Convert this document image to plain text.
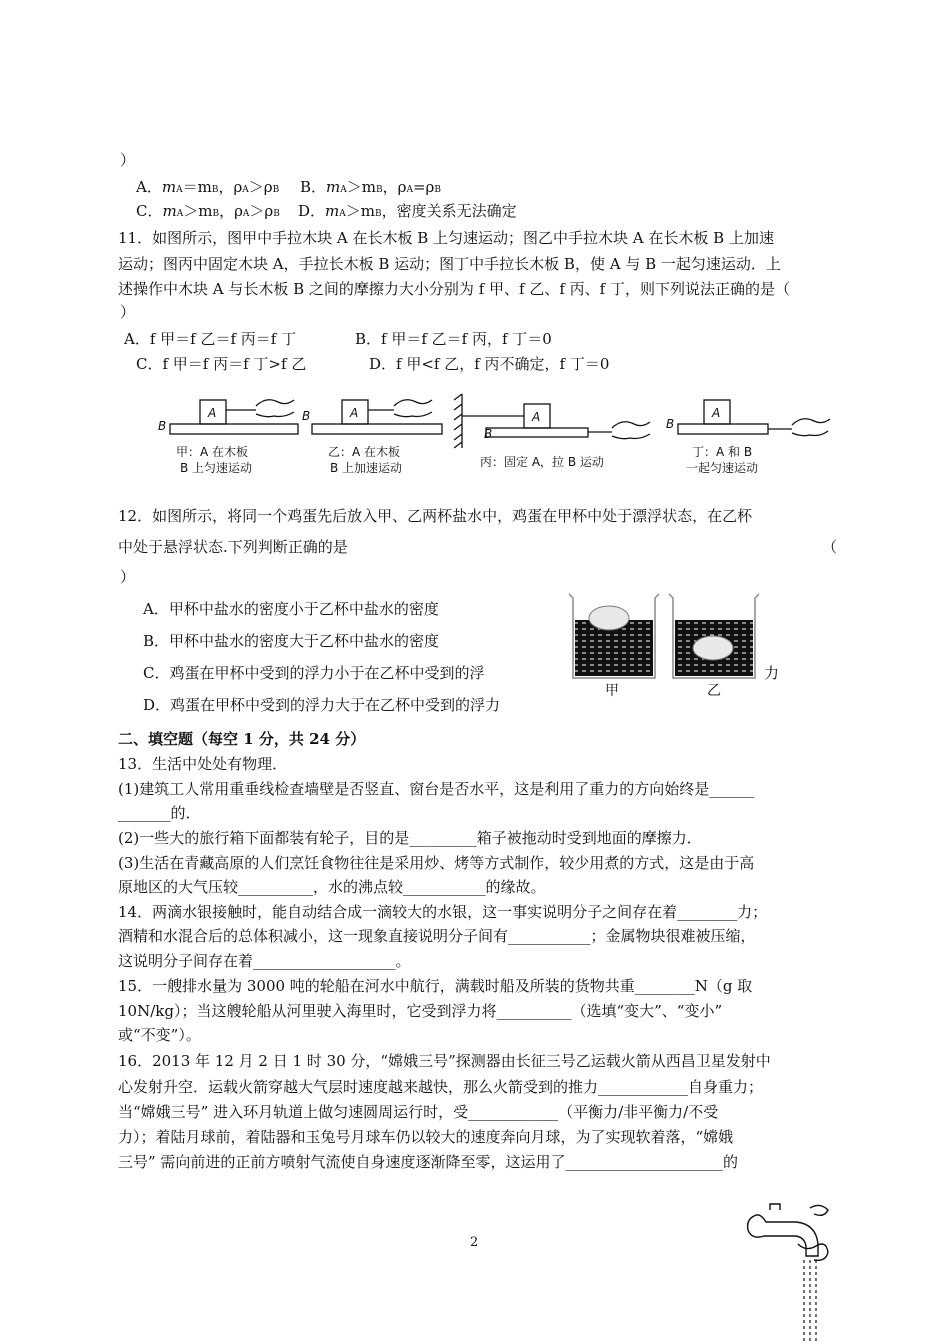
）
A．mA＝mB，ρA＞ρB B．mA＞mB，ρA=ρB
C．mA＞mB，ρA＞ρB D．mA＞mB，密度关系无法确定
11．如图所示，图甲中手拉木块 A 在长木板 B 上匀速运动；图乙中手拉木块 A 在长木板 B 上加速
运动；图丙中固定木块 A，手拉长木板 B 运动；图丁中手拉长木板 B，使 A 与 B 一起匀速运动．上
述操作中木块 A 与长木板 B 之间的摩擦力大小分别为 f 甲、f 乙、f 丙、f 丁，则下列说法正确的是（
）
A．f 甲＝f 乙＝f 丙＝f 丁	B．f 甲＝f 乙＝f 丙，f 丁＝0
C．f 甲＝f 丙＝f 丁>f 乙	D．f 甲<f 乙，f 丙不确定，f 丁＝0
A
B
A
B	A
B
A
B
甲：A 在木板
B 上匀速运动
乙：A 在木板
B 上加速运动	丙：固定 A，拉 B 运动
丁：A 和 B
一起匀速运动
12．如图所示，将同一个鸡蛋先后放入甲、乙两杯盐水中，鸡蛋在甲杯中处于漂浮状态，在乙杯
中处于悬浮状态.下列判断正确的是	（
）
A．甲杯中盐水的密度小于乙杯中盐水的密度
B．甲杯中盐水的密度大于乙杯中盐水的密度
C．鸡蛋在甲杯中受到的浮力小于在乙杯中受到的浮	力
D．鸡蛋在甲杯中受到的浮力大于在乙杯中受到的浮力
甲	乙
二、填空题（每空 1 分，共 24 分）
13．生活中处处有物理．
(1)建筑工人常用重垂线检查墙壁是否竖直、窗台是否水平，这是利用了重力的方向始终是______
_______的．
(2)一些大的旅行箱下面都装有轮子，目的是_________箱子被拖动时受到地面的摩擦力．
(3)生活在青藏高原的人们烹饪食物往往是采用炒、烤等方式制作，较少用煮的方式，这是由于高
原地区的大气压较__________，水的沸点较___________的缘故。
14．两滴水银接触时，能自动结合成一滴较大的水银，这一事实说明分子之间存在着________力；
酒精和水混合后的总体积减小，这一现象直接说明分子间有___________；金属物块很难被压缩，
这说明分子间存在着___________________。
15．一艘排水量为 3000 吨的轮船在河水中航行，满载时船及所装的货物共重________N（g 取
10N/kg）；当这艘轮船从河里驶入海里时，它受到浮力将__________（选填“变大”、“变小”
或“不变”）。
16．2013 年 12 月 2 日 1 时 30 分，“嫦娥三号”探测器由长征三号乙运载火箭从西昌卫星发射中
心发射升空．运载火箭穿越大气层时速度越来越快，那么火箭受到的推力____________自身重力；
当“嫦娥三号” 进入环月轨道上做匀速圆周运行时，受____________（平衡力/非平衡力/不受
力）；着陆月球前，着陆器和玉兔号月球车仍以较大的速度奔向月球，为了实现软着落，“嫦娥
三号” 需向前进的正前方喷射气流使自身速度逐渐降至零，这运用了_____________________的
2
